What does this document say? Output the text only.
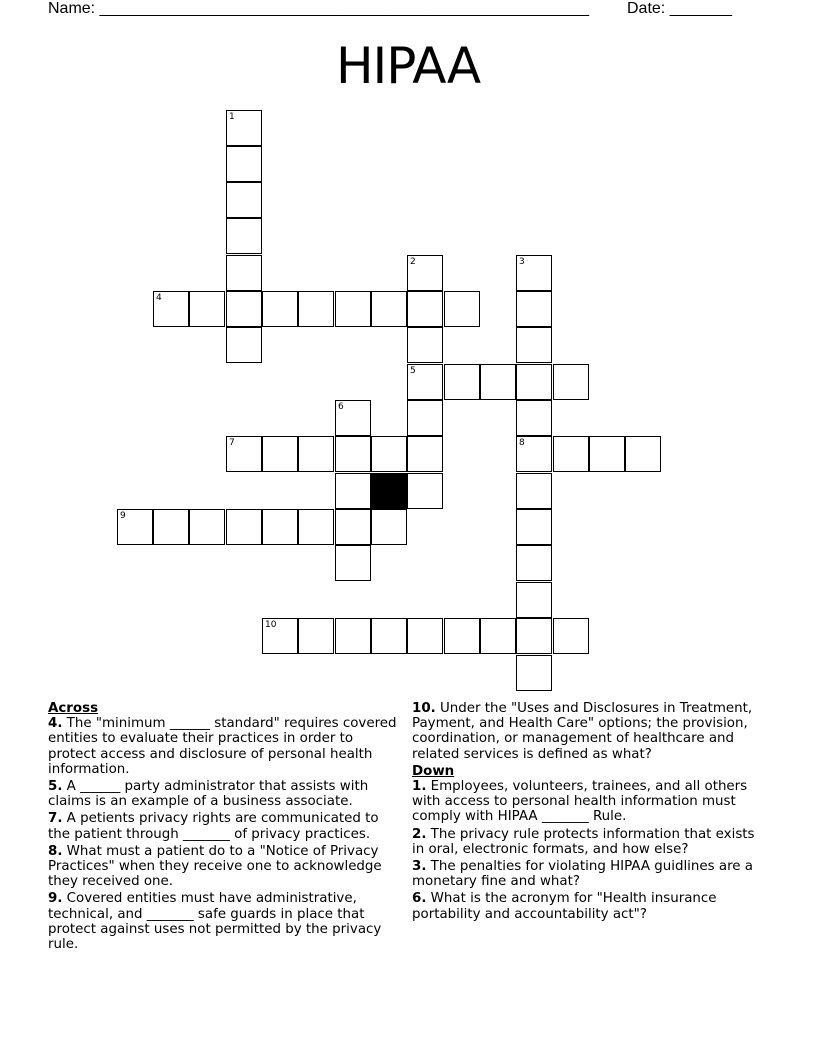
Name: _______________________________________________________ Date: _______
HIPAA
1
4
2
5
3
8
6
7
9
10
Across
4. The "minimum ______ standard" requires covered entities to evaluate their practices in order to protect access and disclosure of personal health information.
5. A ______ party administrator that assists with claims is an example of a business associate.
7. A petients privacy rights are communicated to the patient through _______ of privacy practices.
8. What must a patient do to a "Notice of Privacy Practices" when they receive one to acknowledge they received one.
9. Covered entities must have administrative, technical, and _______ safe guards in place that protect against uses not permitted by the privacy rule.
10. Under the "Uses and Disclosures in Treatment, Payment, and Health Care" options; the provision, coordination, or management of healthcare and related services is defined as what?
Down
1. Employees, volunteers, trainees, and all others with access to personal health information must comply with HIPAA _______ Rule.
2. The privacy rule protects information that exists in oral, electronic formats, and how else?
3. The penalties for violating HIPAA guidlines are a monetary fine and what?
6. What is the acronym for "Health insurance portability and accountability act"?
